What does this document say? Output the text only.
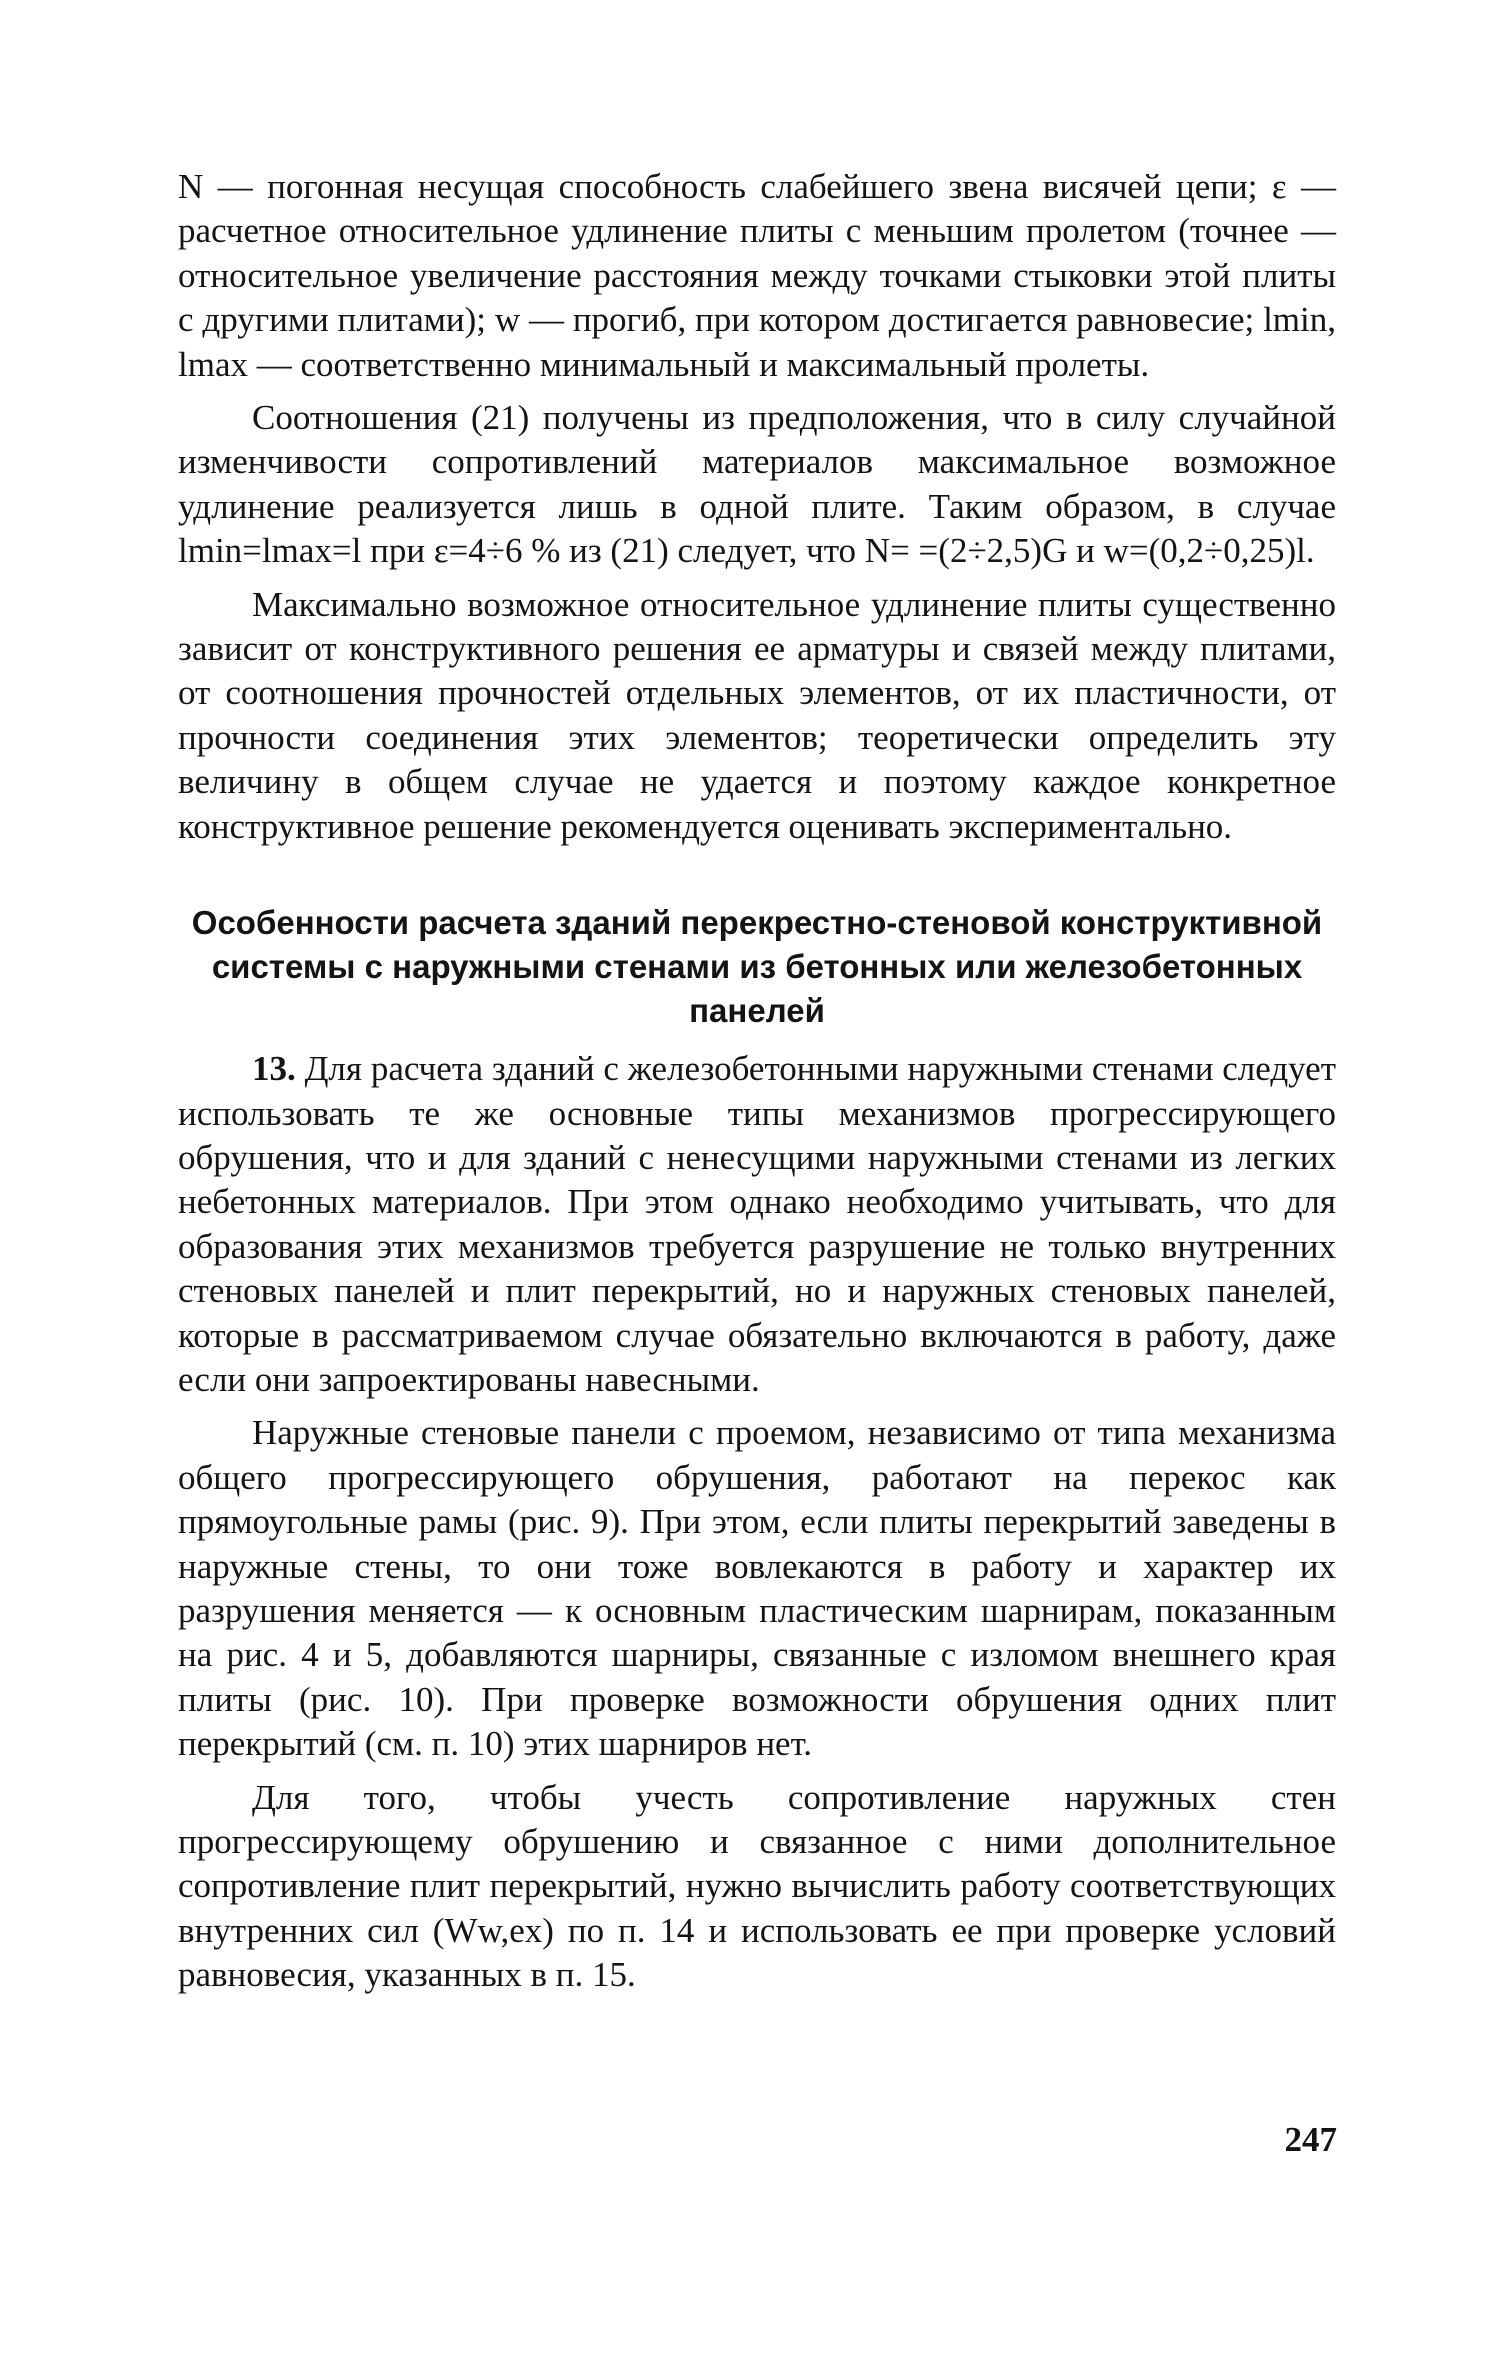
N — погонная несущая способность слабейшего звена висячей цепи; ε — расчетное относительное удлинение плиты с меньшим пролетом (точнее — относительное увеличение расстояния между точками стыковки этой плиты с другими плитами); w — прогиб, при котором достигается равновесие; lmin, lmax — соответственно минимальный и максимальный пролеты.

Соотношения (21) получены из предположения, что в силу случайной изменчивости сопротивлений материалов максимальное возможное удлинение реализуется лишь в одной плите. Таким образом, в случае lmin=lmax=l при ε=4÷6 % из (21) следует, что N= =(2÷2,5)G и w=(0,2÷0,25)l.

Максимально возможное относительное удлинение плиты существенно зависит от конструктивного решения ее арматуры и связей между плитами, от соотношения прочностей отдельных элементов, от их пластичности, от прочности соединения этих элементов; теоретически определить эту величину в общем случае не удается и поэтому каждое конкретное конструктивное решение рекомендуется оценивать экспериментально.

Особенности расчета зданий перекрестно-стеновой конструктивной системы с наружными стенами из бетонных или железобетонных панелей

13. Для расчета зданий с железобетонными наружными стенами следует использовать те же основные типы механизмов прогрессирующего обрушения, что и для зданий с ненесущими наружными стенами из легких небетонных материалов. При этом однако необходимо учитывать, что для образования этих механизмов требуется разрушение не только внутренних стеновых панелей и плит перекрытий, но и наружных стеновых панелей, которые в рассматриваемом случае обязательно включаются в работу, даже если они запроектированы навесными.

Наружные стеновые панели с проемом, независимо от типа механизма общего прогрессирующего обрушения, работают на перекос как прямоугольные рамы (рис. 9). При этом, если плиты перекрытий заведены в наружные стены, то они тоже вовлекаются в работу и характер их разрушения меняется — к основным пластическим шарнирам, показанным на рис. 4 и 5, добавляются шарниры, связанные с изломом внешнего края плиты (рис. 10). При проверке возможности обрушения одних плит перекрытий (см. п. 10) этих шарниров нет.

Для того, чтобы учесть сопротивление наружных стен прогрессирующему обрушению и связанное с ними дополнительное сопротивление плит перекрытий, нужно вычислить работу соответствующих внутренних сил (Ww,ex) по п. 14 и использовать ее при проверке условий равновесия, указанных в п. 15.

247
